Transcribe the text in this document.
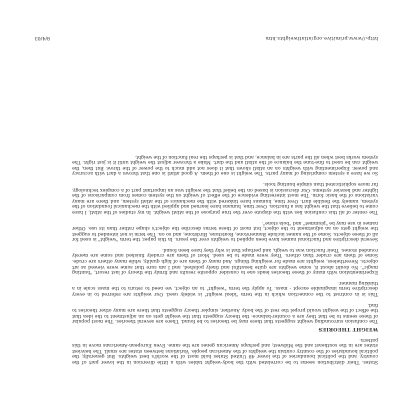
States. Their distribution seems to be correlated with the body-weight tables with a little diversion in the lower part of the country, and the political boundaries of the lower 48 United States hold most of the world's best weights. But generally, the political boundaries of the country contain the weights of the American people. Variations between states are small. The heaviest states are in the southeast and the Midwest; and perhaps American genes are the same. Even European-Americans move in this pattern.

WEIGHT THEORIES

The confusion surrounding weight suggests that there may be theories to be found. There are several theories. The most popular of these seems to be that they are a counter-balance: the theory suggests that the weight gets on an adjustment to the idea that the effect of the weight would propel the rest of the body. Another, simpler theory suggests that there are many other theories to find.

This is in contrast to the connection which in the term "ideal weight" is widely used. Our weights are referred to in every descriptive term imaginable except - mass. To apply the term "weight" to an object, we need to return to the mass scale in a thinking manner.

Experimentation with many of these theories leads one to consider opposite results and firmly the theory of last resort, "hunting magic". No doubt about it, some weights are quite beautiful and finely polished, and I am sure that some were viewed as art objects. Nevertheless, weights are made for weighing things. And many of them are of high quality, while many others are crude. Some of them are cruder than others. They were made to be used. Most of them are crudely finished and some are merely rounded stones. Their function was to weigh, and perhaps that is why they have been found.

Several descriptive and functional names have been applied to weights over the years. In this paper, the term "weight" is used for all of these objects. Some of the names include Bannerstone, Boatstone, Birdstone, and so on. The term is not intended to suggest the weight gets on an adjustment to the object, but most of these terms describe the object's shape rather than its use. Other names in use may be "plummet" and "bola stone".

The center of all this confusion lies with the dispute over the true purpose of the atlatl weight. In my studies of the atlatl, I have come to believe that the weight has a function. Over time, humans have learned and applied with the mechanical foundation of the system, namely the flexible dart. Over time, humans have tinkered with the mechanics of the atlatl system, and there are many variations of the basic form. The most interesting evidence of the effect of weight on the system comes from comparisons of the lighter and heavier systems. Our discussion is based on the belief that the weight was an important part of a complex technology, far more sophisticated than simple hunting tools.

So we have a system comprising of many parts. The weight is one of them. A good atlatl is one that throws a dart with accuracy and power. Experimenting with weights on an atlatl shows that it does not add much to the power of the throw. But then, the weight can be used to fine-tune the balance of the atlatl and the dart. Make a thrower adjust the weight until it is just right. The system works best when all the parts are in balance, and that is perhaps the real function of the weight.

http://www.primitive.org/atlatlweights.htm
8/4/03
